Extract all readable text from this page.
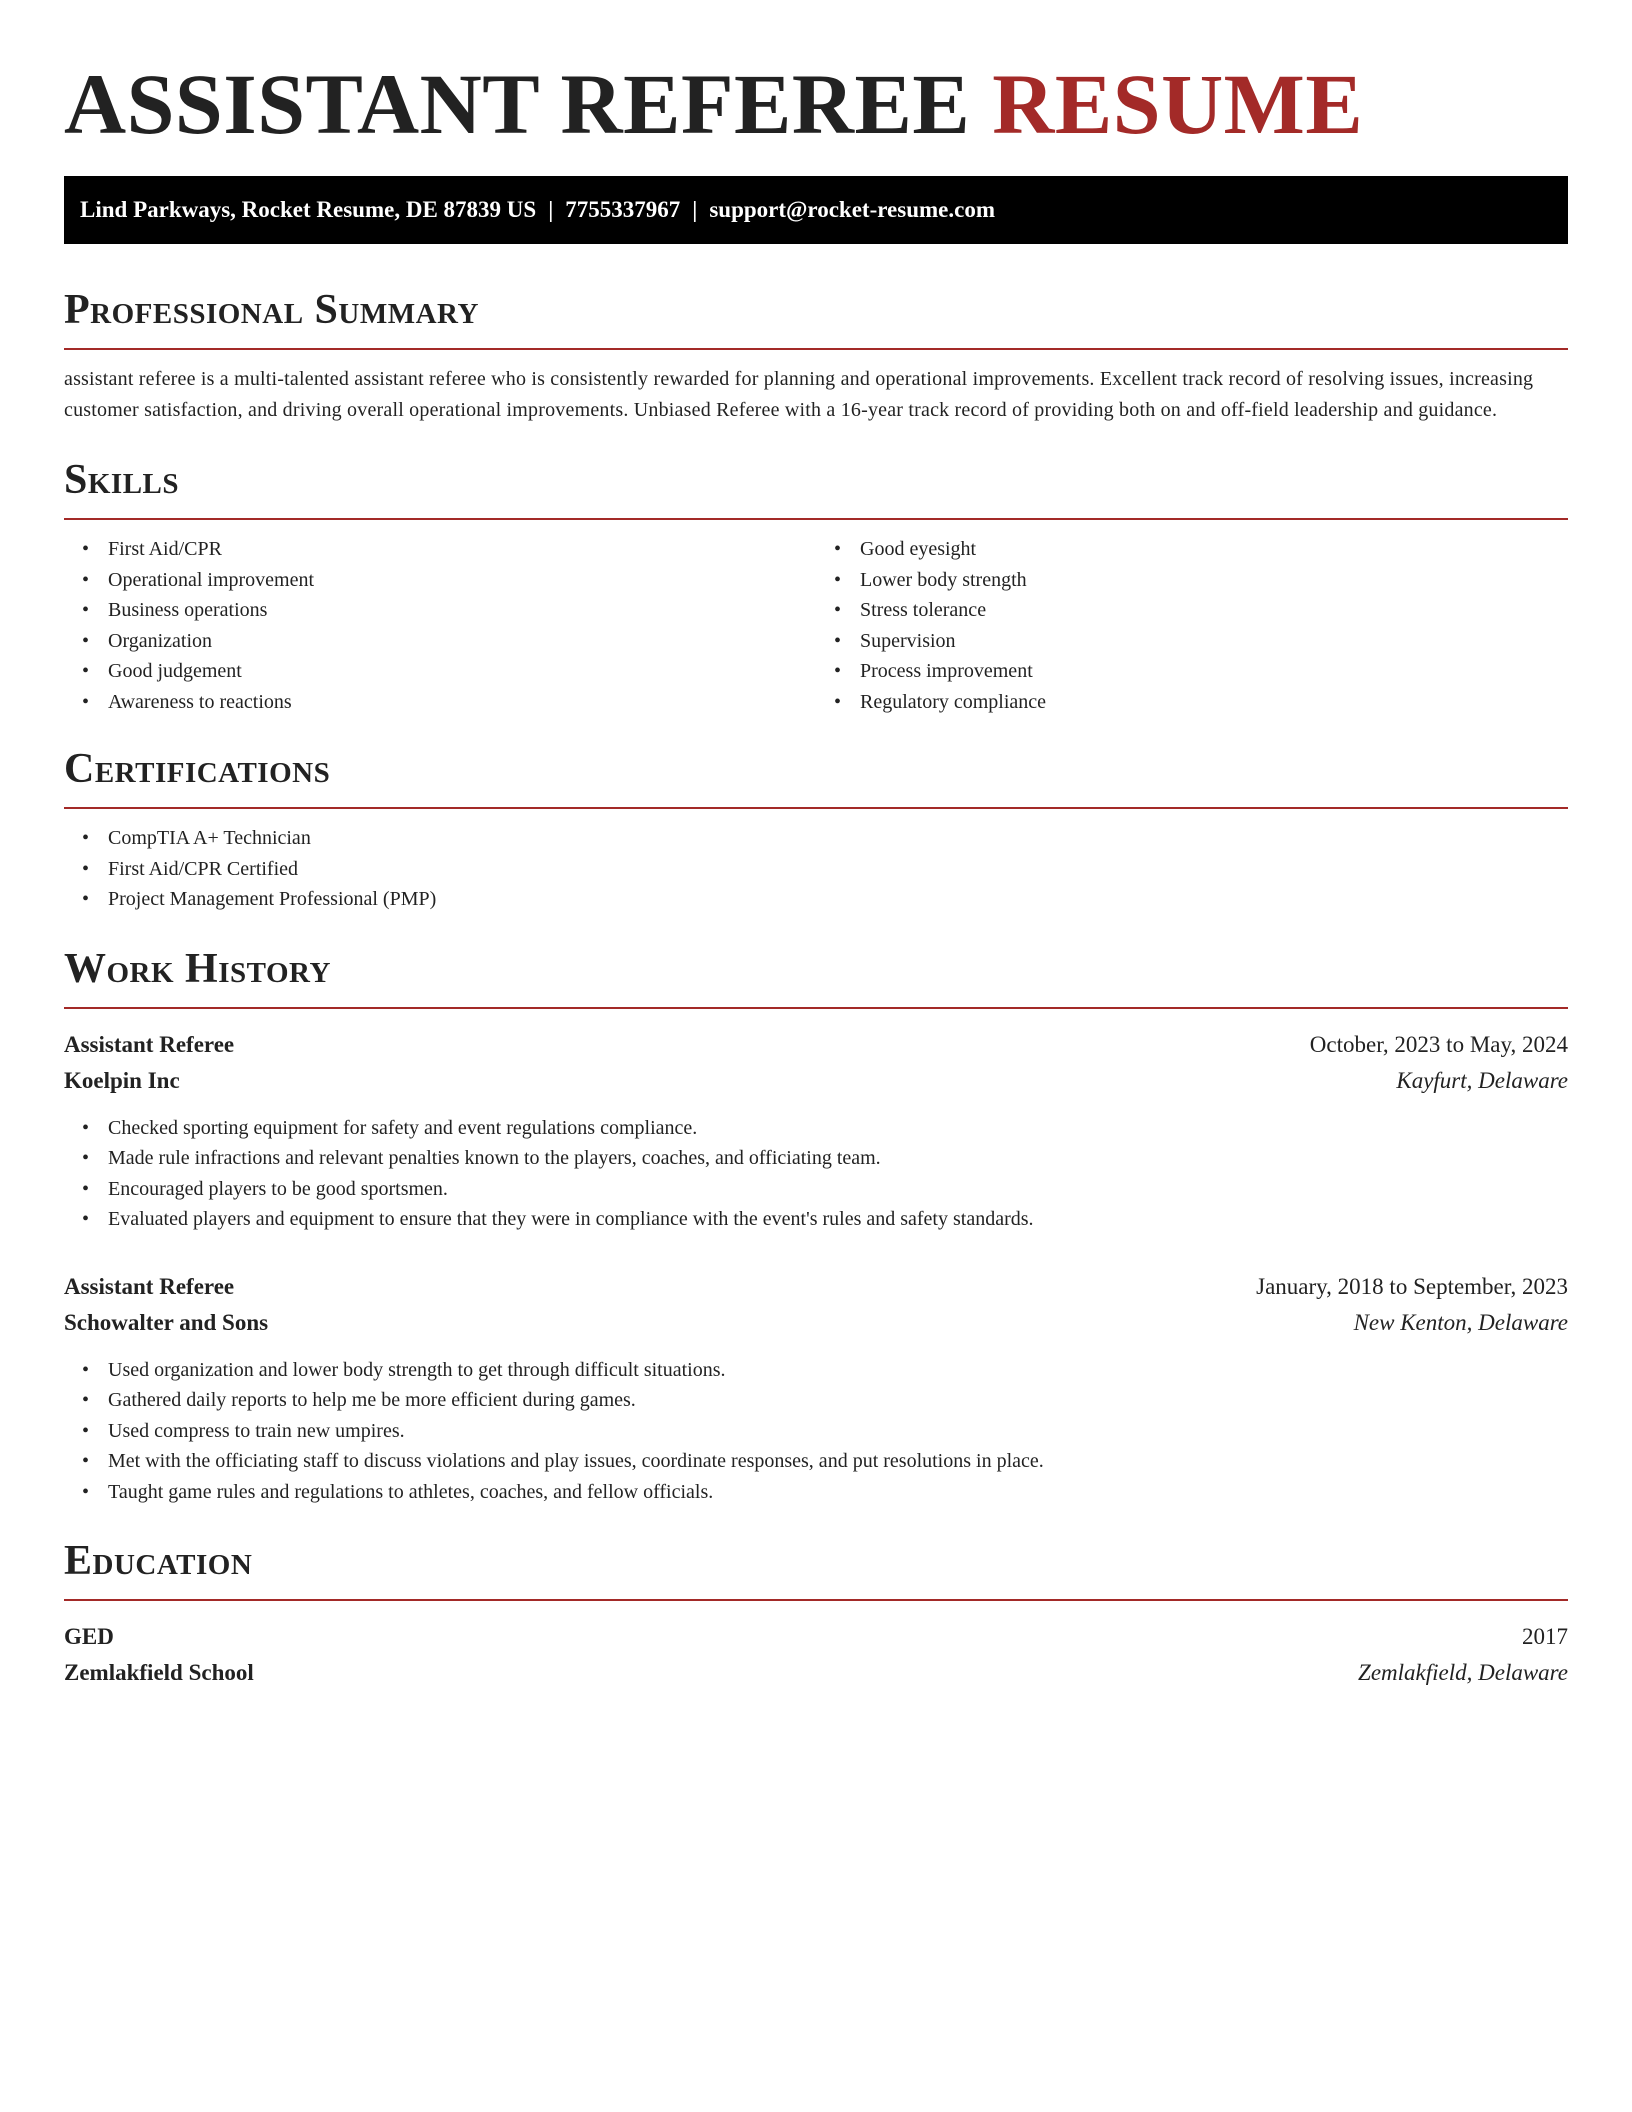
ASSISTANT REFEREE RESUME
Lind Parkways, Rocket Resume, DE 87839 US | 7755337967 | support@rocket-resume.com
Professional Summary

assistant referee is a multi-talented assistant referee who is consistently rewarded for planning and operational improvements. Excellent track record of resolving issues, increasing customer satisfaction, and driving overall operational improvements. Unbiased Referee with a 16-year track record of providing both on and off-field leadership and guidance.

Skills
• First Aid/CPR
• Operational improvement
• Business operations
• Organization
• Good judgement
• Awareness to reactions
• Good eyesight
• Lower body strength
• Stress tolerance
• Supervision
• Process improvement
• Regulatory compliance
Certifications
• CompTIA A+ Technician
• First Aid/CPR Certified
• Project Management Professional (PMP)
Work History
Assistant Referee	October, 2023 to May, 2024
Koelpin Inc	Kayfurt, Delaware
• Checked sporting equipment for safety and event regulations compliance.
• Made rule infractions and relevant penalties known to the players, coaches, and officiating team.
• Encouraged players to be good sportsmen.
• Evaluated players and equipment to ensure that they were in compliance with the event's rules and safety standards.
Assistant Referee	January, 2018 to September, 2023
Schowalter and Sons	New Kenton, Delaware
• Used organization and lower body strength to get through difficult situations.
• Gathered daily reports to help me be more efficient during games.
• Used compress to train new umpires.
• Met with the officiating staff to discuss violations and play issues, coordinate responses, and put resolutions in place.
• Taught game rules and regulations to athletes, coaches, and fellow officials.
Education
GED	2017
Zemlakfield School	Zemlakfield, Delaware
